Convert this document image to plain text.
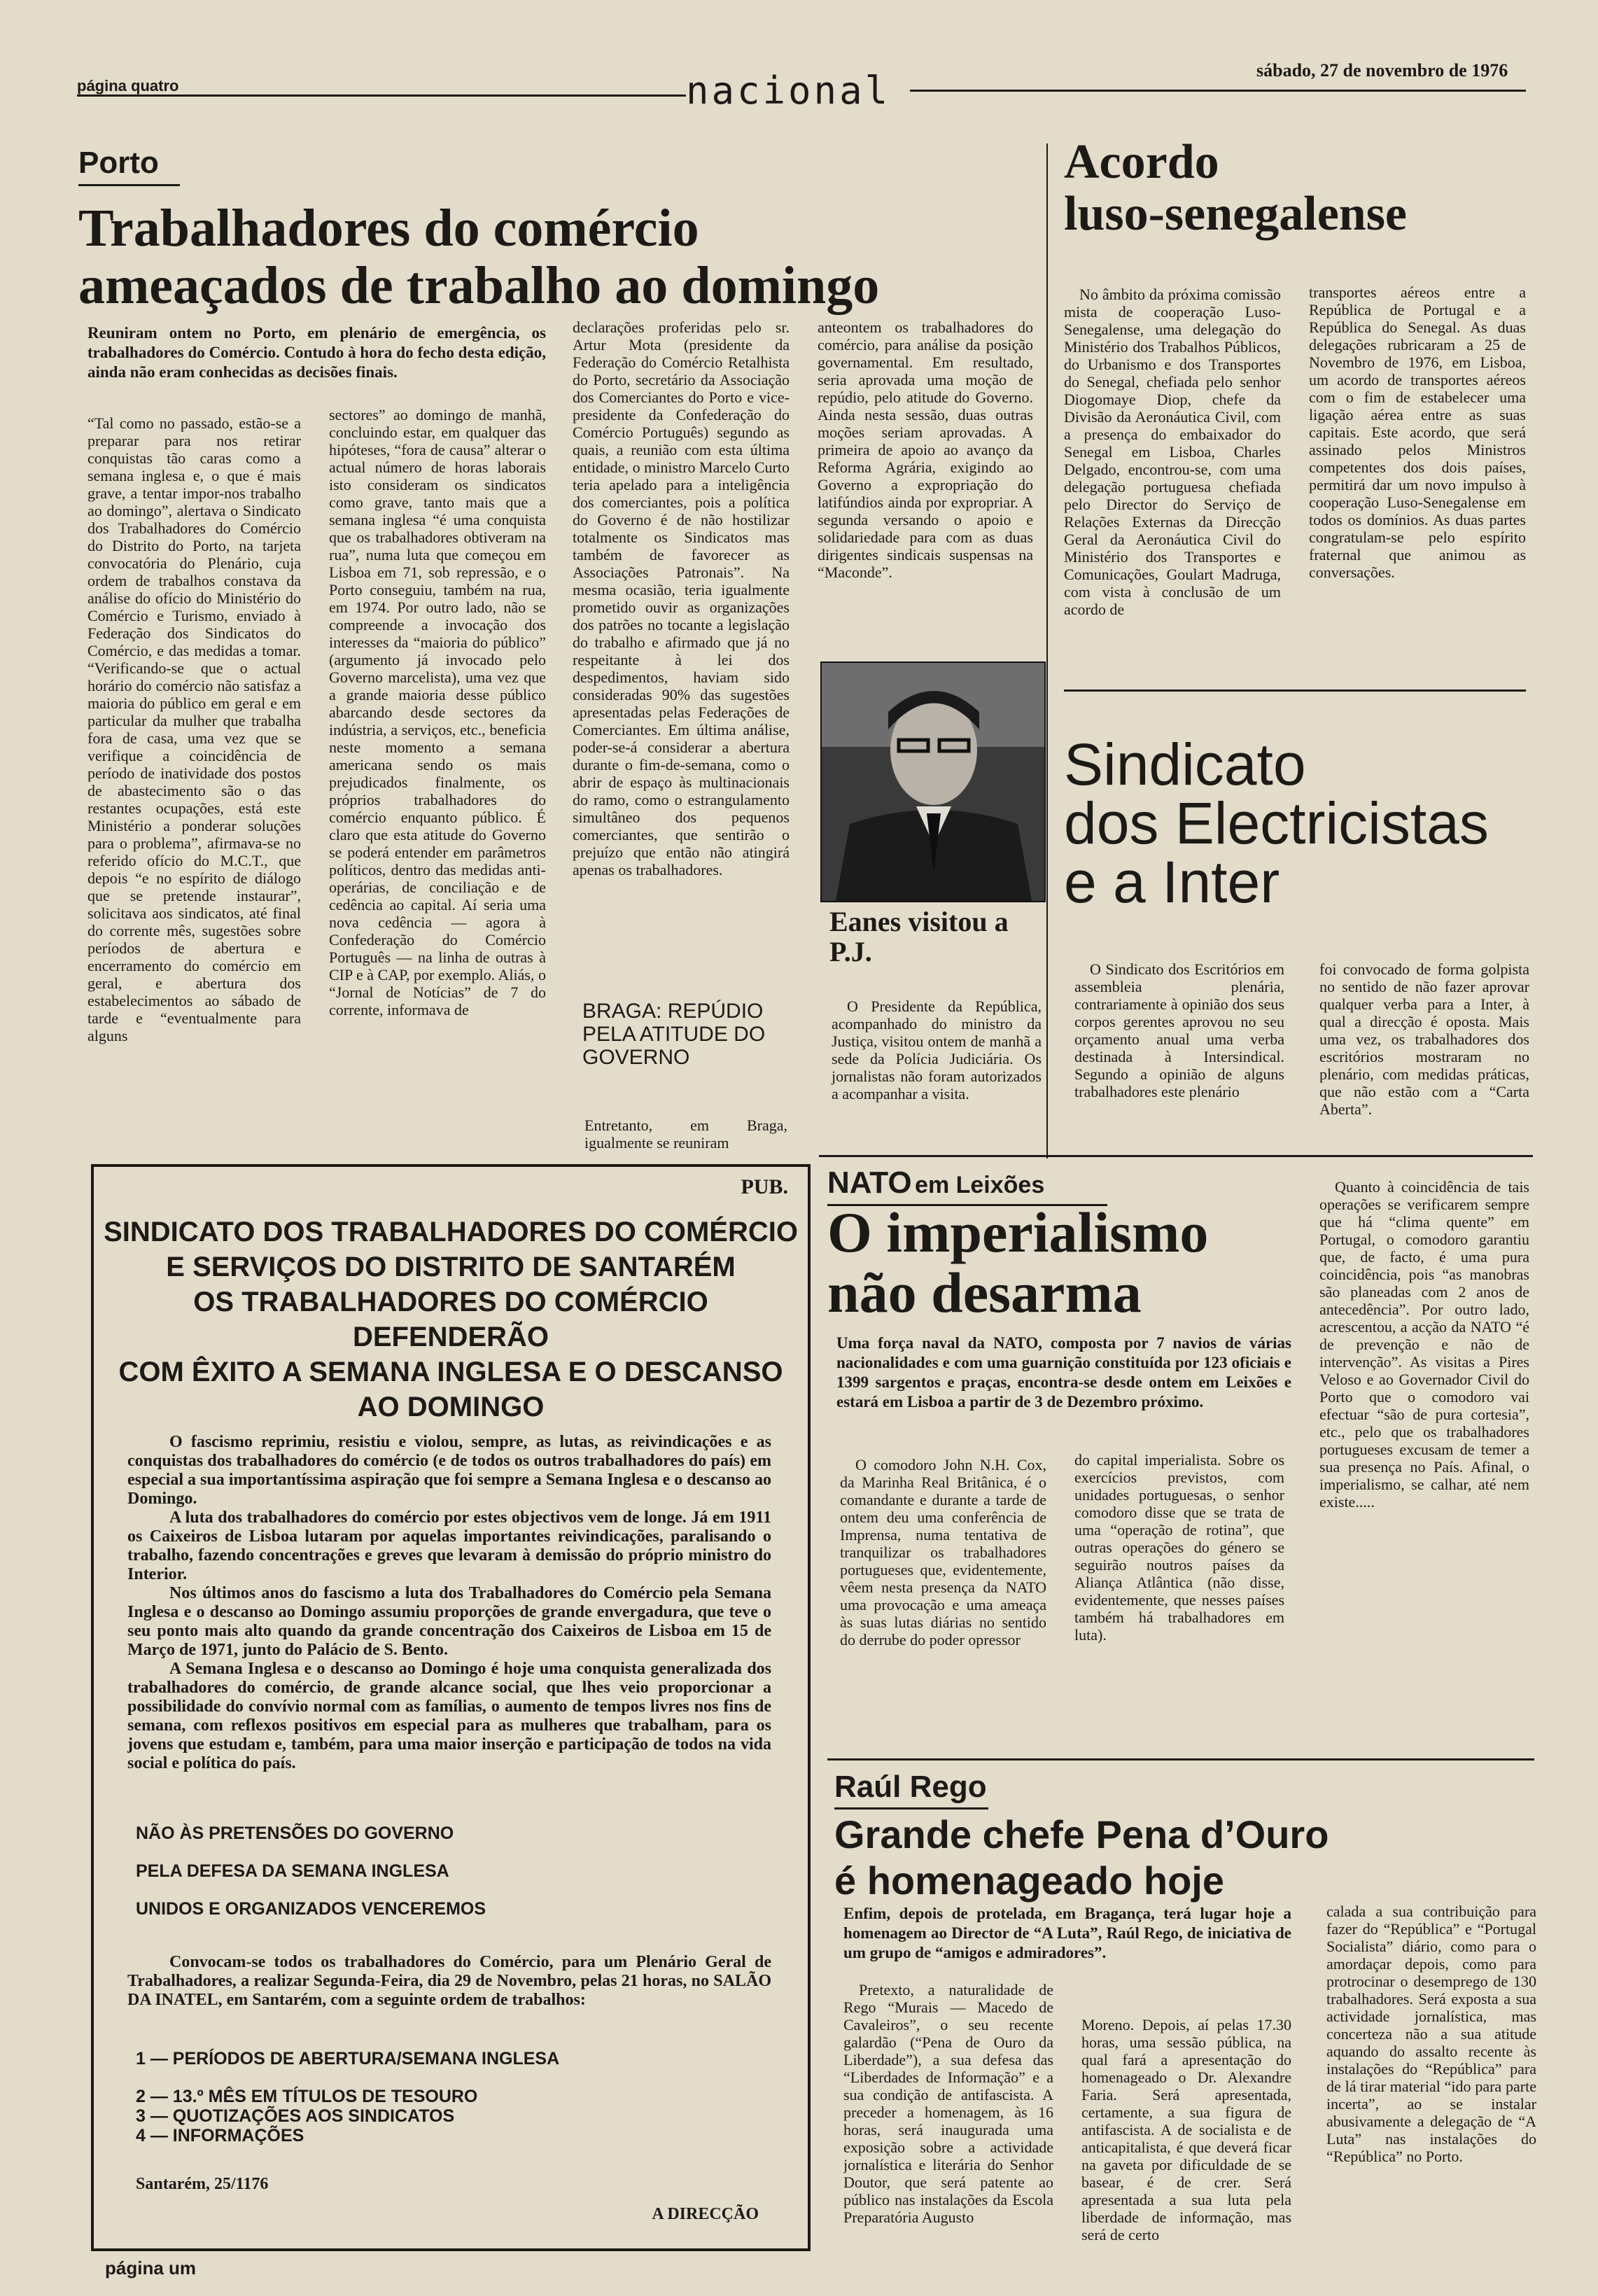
página quatro	nacional	sábado, 27 de novembro de 1976
Porto
Trabalhadores do comércio
ameaçados de trabalho ao domingo
Reuniram ontem no Porto, em plenário de emergência, os trabalhadores do Comércio. Contudo à hora do fecho desta edição, ainda não eram conhecidas as decisões finais.
“Tal como no passado, estão-se a preparar para nos retirar conquistas tão caras como a semana inglesa e, o que é mais grave, a tentar impor-nos trabalho ao domingo”, alertava o Sindicato dos Trabalhadores do Comércio do Distrito do Porto, na tarjeta convocatória do Plenário, cuja ordem de trabalhos constava da análise do ofício do Ministério do Comércio e Turismo, enviado à Federação dos Sindicatos do Comércio, e das medidas a tomar. “Verificando-se que o actual horário do comércio não satisfaz a maioria do público em geral e em particular da mulher que trabalha fora de casa, uma vez que se verifique a coincidência de período de inatividade dos postos de abastecimento são o das restantes ocupações, está este Ministério a ponderar soluções para o problema”, afirmava-se no referido ofício do M.C.T., que depois “e no espírito de diálogo que se pretende instaurar”, solicitava aos sindicatos, até final do corrente mês, sugestões sobre períodos de abertura e encerramento do comércio em geral, e abertura dos estabelecimentos ao sábado de tarde e “eventualmente para alguns
sectores” ao domingo de manhã, concluindo estar, em qualquer das hipóteses, “fora de causa” alterar o actual número de horas laborais isto consideram os sindicatos como grave, tanto mais que a semana inglesa “é uma conquista que os trabalhadores obtiveram na rua”, numa luta que começou em Lisboa em 71, sob repressão, e o Porto conseguiu, também na rua, em 1974. Por outro lado, não se compreende a invocação dos interesses da “maioria do público” (argumento já invocado pelo Governo marcelista), uma vez que a grande maioria desse público abarcando desde sectores da indústria, a serviços, etc., beneficia neste momento a semana americana sendo os mais prejudicados finalmente, os próprios trabalhadores do comércio enquanto público. É claro que esta atitude do Governo se poderá entender em parâmetros políticos, dentro das medidas anti-operárias, de conciliação e de cedência ao capital. Aí seria uma nova cedência — agora à Confederação do Comércio Português — na linha de outras à CIP e à CAP, por exemplo. Aliás, o “Jornal de Notícias” de 7 do corrente, informava de
declarações proferidas pelo sr. Artur Mota (presidente da Federação do Comércio Retalhista do Porto, secretário da Associação dos Comerciantes do Porto e vice-presidente da Confederação do Comércio Português) segundo as quais, a reunião com esta última entidade, o ministro Marcelo Curto teria apelado para a inteligência dos comerciantes, pois a política do Governo é de não hostilizar totalmente os Sindicatos mas também de favorecer as Associações Patronais”. Na mesma ocasião, teria igualmente prometido ouvir as organizações dos patrões no tocante a legislação do trabalho e afirmado que já no respeitante à lei dos despedimentos, haviam sido consideradas 90% das sugestões apresentadas pelas Federações de Comerciantes. Em última análise, poder-se-á considerar a abertura durante o fim-de-semana, como o abrir de espaço às multinacionais do ramo, como o estrangulamento simultâneo dos pequenos comerciantes, que sentirão o prejuízo que então não atingirá apenas os trabalhadores.
BRAGA: REPÚDIO PELA ATITUDE DO GOVERNO
Entretanto, em Braga, igualmente se reuniram
anteontem os trabalhadores do comércio, para análise da posição governamental. Em resultado, seria aprovada uma moção de repúdio, pelo atitude do Governo. Ainda nesta sessão, duas outras moções seriam aprovadas. A primeira de apoio ao avanço da Reforma Agrária, exigindo ao Governo a expropriação do latifúndios ainda por expropriar. A segunda versando o apoio e solidariedade para com as duas dirigentes sindicais suspensas na “Maconde”.
Eanes visitou a P.J.
O Presidente da República, acompanhado do ministro da Justiça, visitou ontem de manhã a sede da Polícia Judiciária. Os jornalistas não foram autorizados a acompanhar a visita.
Acordo
luso-senegalense
No âmbito da próxima comissão mista de cooperação Luso-Senegalense, uma delegação do Ministério dos Trabalhos Públicos, do Urbanismo e dos Transportes do Senegal, chefiada pelo senhor Diogomaye Diop, chefe da Divisão da Aeronáutica Civil, com a presença do embaixador do Senegal em Lisboa, Charles Delgado, encontrou-se, com uma delegação portuguesa chefiada pelo Director do Serviço de Relações Externas da Direcção Geral da Aeronáutica Civil do Ministério dos Transportes e Comunicações, Goulart Madruga, com vista à conclusão de um acordo de
transportes aéreos entre a República de Portugal e a República do Senegal. As duas delegações rubricaram a 25 de Novembro de 1976, em Lisboa, um acordo de transportes aéreos com o fim de estabelecer uma ligação aérea entre as suas capitais. Este acordo, que será assinado pelos Ministros competentes dos dois países, permitirá dar um novo impulso à cooperação Luso-Senegalense em todos os domínios. As duas partes congratulam-se pelo espírito fraternal que animou as conversações.
Sindicato
dos Electricistas
e a Inter
O Sindicato dos Escritórios em assembleia plenária, contrariamente à opinião dos seus corpos gerentes aprovou no seu orçamento anual uma verba destinada à Intersindical. Segundo a opinião de alguns trabalhadores este plenário
foi convocado de forma golpista no sentido de não fazer aprovar qualquer verba para a Inter, à qual a direcção é oposta. Mais uma vez, os trabalhadores dos escritórios mostraram no plenário, com medidas práticas, que não estão com a “Carta Aberta”.
PUB.
SINDICATO DOS TRABALHADORES DO COMÉRCIO
E SERVIÇOS DO DISTRITO DE SANTARÉM
OS TRABALHADORES DO COMÉRCIO DEFENDERÃO
COM ÊXITO A SEMANA INGLESA E O DESCANSO
AO DOMINGO

O fascismo reprimiu, resistiu e violou, sempre, as lutas, as reivindicações e as conquistas dos trabalhadores do comércio (e de todos os outros trabalhadores do país) em especial a sua importantíssima aspiração que foi sempre a Semana Inglesa e o descanso ao Domingo.

A luta dos trabalhadores do comércio por estes objectivos vem de longe. Já em 1911 os Caixeiros de Lisboa lutaram por aquelas importantes reivindicações, paralisando o trabalho, fazendo concentrações e greves que levaram à demissão do próprio ministro do Interior.

Nos últimos anos do fascismo a luta dos Trabalhadores do Comércio pela Semana Inglesa e o descanso ao Domingo assumiu proporções de grande envergadura, que teve o seu ponto mais alto quando da grande concentração dos Caixeiros de Lisboa em 15 de Março de 1971, junto do Palácio de S. Bento.

A Semana Inglesa e o descanso ao Domingo é hoje uma conquista generalizada dos trabalhadores do comércio, de grande alcance social, que lhes veio proporcionar a possibilidade do convívio normal com as famílias, o aumento de tempos livres nos fins de semana, com reflexos positivos em especial para as mulheres que trabalham, para os jovens que estudam e, também, para uma maior inserção e participação de todos na vida social e política do país.

NÃO ÀS PRETENSÕES DO GOVERNO
PELA DEFESA DA SEMANA INGLESA
UNIDOS E ORGANIZADOS VENCEREMOS
Convocam-se todos os trabalhadores do Comércio, para um Plenário Geral de Trabalhadores, a realizar Segunda-Feira, dia 29 de Novembro, pelas 21 horas, no SALÃO DA INATEL, em Santarém, com a seguinte ordem de trabalhos:
1 — PERÍODOS DE ABERTURA/SEMANA INGLESA
2 — 13.º MÊS EM TÍTULOS DE TESOURO
3 — QUOTIZAÇÕES AOS SINDICATOS
4 — INFORMAÇÕES
Santarém, 25/1176
A DIRECÇÃO
NATO em Leixões
O imperialismo
não desarma
Uma força naval da NATO, composta por 7 navios de várias nacionalidades e com uma guarnição constituída por 123 oficiais e 1399 sargentos e praças, encontra-se desde ontem em Leixões e estará em Lisboa a partir de 3 de Dezembro próximo.
O comodoro John N.H. Cox, da Marinha Real Britânica, é o comandante e durante a tarde de ontem deu uma conferência de Imprensa, numa tentativa de tranquilizar os trabalhadores portugueses que, evidentemente, vêem nesta presença da NATO uma provocação e uma ameaça às suas lutas diárias no sentido do derrube do poder opressor
do capital imperialista. Sobre os exercícios previstos, com unidades portuguesas, o senhor comodoro disse que se trata de uma “operação de rotina”, que outras operações do género se seguirão noutros países da Aliança Atlântica (não disse, evidentemente, que nesses países também há trabalhadores em luta).
Quanto à coincidência de tais operações se verificarem sempre que há “clima quente” em Portugal, o comodoro garantiu que, de facto, é uma pura coincidência, pois “as manobras são planeadas com 2 anos de antecedência”. Por outro lado, acrescentou, a acção da NATO “é de prevenção e não de intervenção”. As visitas a Pires Veloso e ao Governador Civil do Porto que o comodoro vai efectuar “são de pura cortesia”, etc., pelo que os trabalhadores portugueses excusam de temer a sua presença no País. Afinal, o imperialismo, se calhar, até nem existe.....
Raúl Rego
Grande chefe Pena d’Ouro
é homenageado hoje
Enfim, depois de protelada, em Bragança, terá lugar hoje a homenagem ao Director de “A Luta”, Raúl Rego, de iniciativa de um grupo de “amigos e admiradores”.
Pretexto, a naturalidade de Rego “Murais — Macedo de Cavaleiros”, o seu recente galardão (“Pena de Ouro da Liberdade”), a sua defesa das “Liberdades de Informação” e a sua condição de antifascista. A preceder a homenagem, às 16 horas, será inaugurada uma exposição sobre a actividade jornalística e literária do Senhor Doutor, que será patente ao público nas instalações da Escola Preparatória Augusto
Moreno. Depois, aí pelas 17.30 horas, uma sessão pública, na qual fará a apresentação do homenageado o Dr. Alexandre Faria. Será apresentada, certamente, a sua figura de antifascista. A de socialista e de anticapitalista, é que deverá ficar na gaveta por dificuldade de se basear, é de crer. Será apresentada a sua luta pela liberdade de informação, mas será de certo
calada a sua contribuição para fazer do “República” e “Portugal Socialista” diário, como para o amordaçar depois, como para protrocinar o desemprego de 130 trabalhadores. Será exposta a sua actividade jornalística, mas concerteza não a sua atitude aquando do assalto recente às instalações do “República” para de lá tirar material “ido para parte incerta”, ao se instalar abusivamente a delegação de “A Luta” nas instalações do “República” no Porto.
página um
